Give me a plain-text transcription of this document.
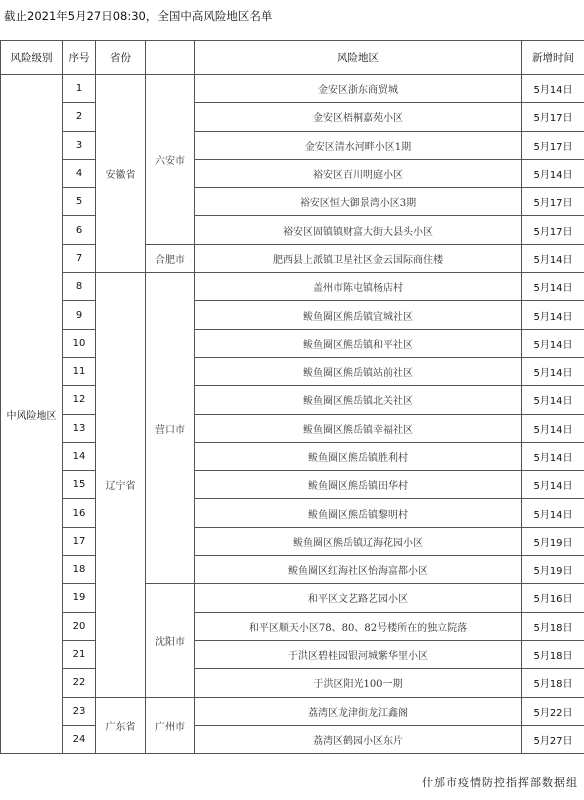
截止2021年5月27日08:30，全国中高风险地区名单
风险级别	序号	省份		风险地区	新增时间
中风险地区	1	安徽省	六安市	金安区浙东商贸城	5月14日
	2			金安区梧桐嘉苑小区	5月17日
	3			金安区清水河畔小区1期	5月17日
	4			裕安区百川明庭小区	5月14日
	5			裕安区恒大御景湾小区3期	5月17日
	6			裕安区固镇镇财富大街大县头小区	5月17日
	7		合肥市	肥西县上派镇卫星社区金云国际商住楼	5月14日
	8	辽宁省	营口市	盖州市陈屯镇杨店村	5月14日
	9			鲅鱼圈区熊岳镇宜城社区	5月14日
	10			鲅鱼圈区熊岳镇和平社区	5月14日
	11			鲅鱼圈区熊岳镇站前社区	5月14日
	12			鲅鱼圈区熊岳镇北关社区	5月14日
	13			鲅鱼圈区熊岳镇幸福社区	5月14日
	14			鲅鱼圈区熊岳镇胜利村	5月14日
	15			鲅鱼圈区熊岳镇田华村	5月14日
	16			鲅鱼圈区熊岳镇黎明村	5月14日
	17			鲅鱼圈区熊岳镇辽海花园小区	5月19日
	18			鲅鱼圈区红海社区怡海富都小区	5月19日
	19		沈阳市	和平区文艺路艺园小区	5月16日
	20			和平区顺天小区78、80、82号楼所在的独立院落	5月18日
	21			于洪区碧桂园银河城紫华里小区	5月18日
	22			于洪区阳光100一期	5月18日
	23	广东省	广州市	荔湾区龙津街龙江鑫阁	5月22日
	24			荔湾区鹤园小区东片	5月27日
什邡市疫情防控指挥部数据组
